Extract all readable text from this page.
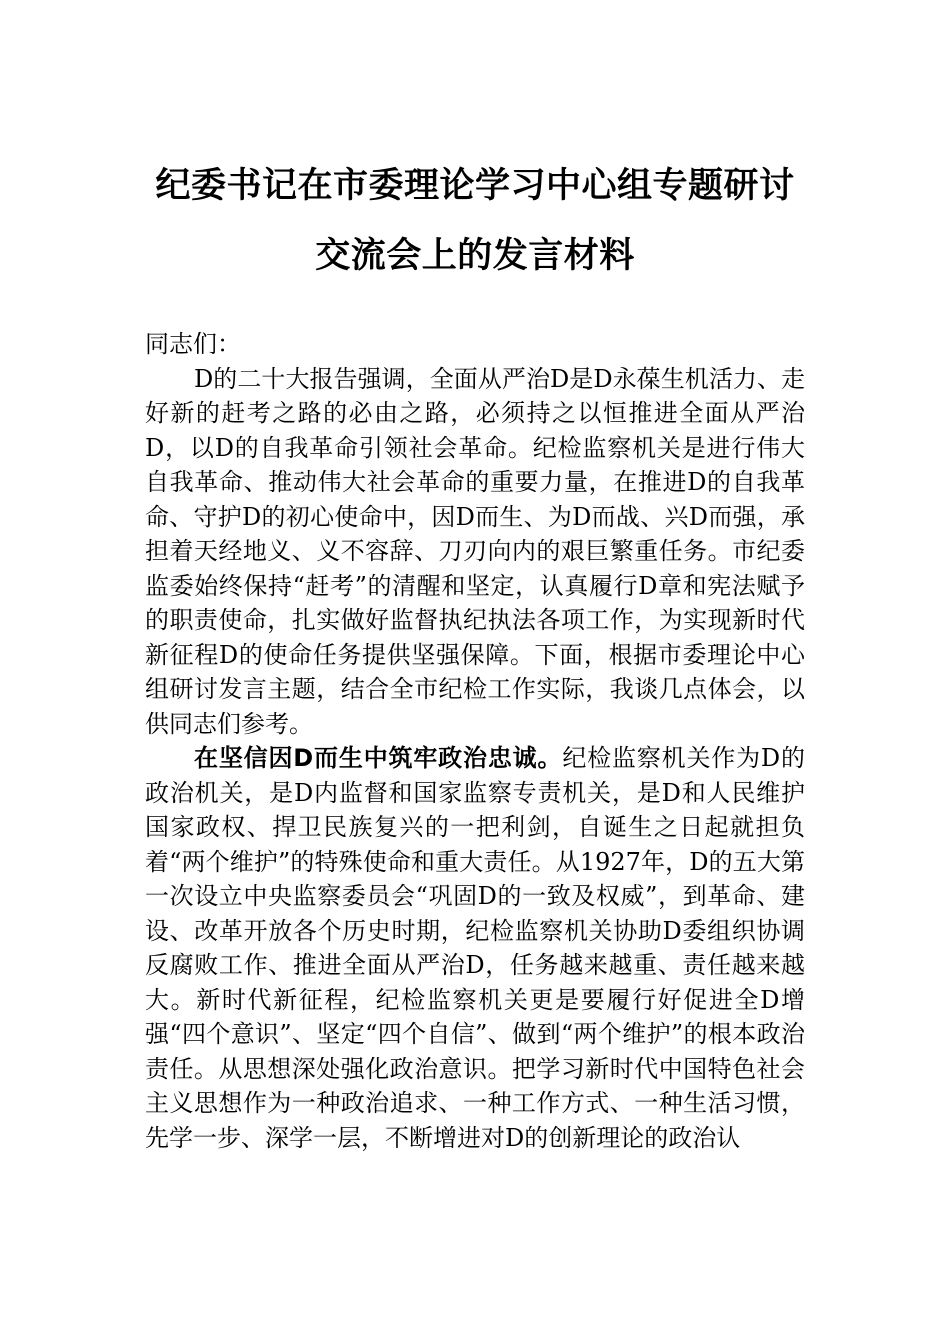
纪委书记在市委理论学习中心组专题研讨
交流会上的发言材料

同志们：

D的二十大报告强调，全面从严治D是D永葆生机活力、走好新的赶考之路的必由之路，必须持之以恒推进全面从严治D，以D的自我革命引领社会革命。纪检监察机关是进行伟大自我革命、推动伟大社会革命的重要力量，在推进D的自我革命、守护D的初心使命中，因D而生、为D而战、兴D而强，承担着天经地义、义不容辞、刀刃向内的艰巨繁重任务。市纪委监委始终保持“赶考”的清醒和坚定，认真履行D章和宪法赋予的职责使命，扎实做好监督执纪执法各项工作，为实现新时代新征程D的使命任务提供坚强保障。下面，根据市委理论中心组研讨发言主题，结合全市纪检工作实际，我谈几点体会，以供同志们参考。

在坚信因D而生中筑牢政治忠诚。纪检监察机关作为D的政治机关，是D内监督和国家监察专责机关，是D和人民维护国家政权、捍卫民族复兴的一把利剑，自诞生之日起就担负着“两个维护”的特殊使命和重大责任。从1927年，D的五大第一次设立中央监察委员会“巩固D的一致及权威”，到革命、建设、改革开放各个历史时期，纪检监察机关协助D委组织协调反腐败工作、推进全面从严治D，任务越来越重、责任越来越大。新时代新征程，纪检监察机关更是要履行好促进全D增强“四个意识”、坚定“四个自信”、做到“两个维护”的根本政治责任。从思想深处强化政治意识。把学习新时代中国特色社会主义思想作为一种政治追求、一种工作方式、一种生活习惯，先学一步、深学一层，不断增进对D的创新理论的政治认
